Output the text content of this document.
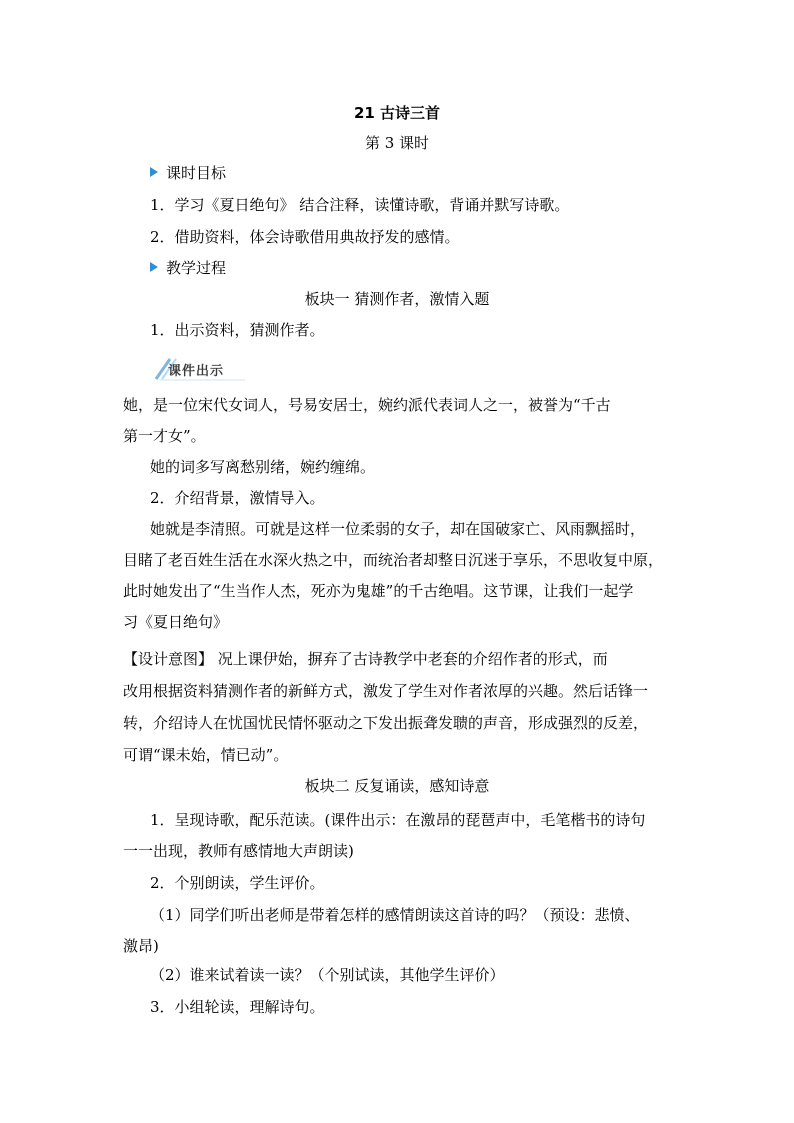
21 古诗三首
第 3 课时
课时目标
1．学习《夏日绝句》 结合注释，读懂诗歌，背诵并默写诗歌。
2．借助资料，体会诗歌借用典故抒发的感情。
教学过程
板块一 猜测作者，激情入题
1．出示资料，猜测作者。
课件出示
她，是一位宋代女词人，号易安居士，婉约派代表词人之一，被誉为“千古
第一才女”。
她的词多写离愁别绪，婉约缠绵。
2．介绍背景，激情导入。
她就是李清照。可就是这样一位柔弱的女子，却在国破家亡、风雨飘摇时，
目睹了老百姓生活在水深火热之中，而统治者却整日沉迷于享乐，不思收复中原，
此时她发出了“生当作人杰，死亦为鬼雄”的千古绝唱。这节课，让我们一起学
习《夏日绝句》
【设计意图】 况上课伊始，摒弃了古诗教学中老套的介绍作者的形式，而
改用根据资料猜测作者的新鲜方式，激发了学生对作者浓厚的兴趣。然后话锋一
转，介绍诗人在忧国忧民情怀驱动之下发出振聋发聩的声音，形成强烈的反差，
可谓“课未始，情已动”。
板块二 反复诵读，感知诗意
1．呈现诗歌，配乐范读。(课件出示：在激昂的琵琶声中，毛笔楷书的诗句
一一出现，教师有感情地大声朗读)
2．个别朗读，学生评价。
（1）同学们听出老师是带着怎样的感情朗读这首诗的吗？（预设：悲愤、
激昂)
（2）谁来试着读一读？（个别试读，其他学生评价）
3．小组轮读，理解诗句。
